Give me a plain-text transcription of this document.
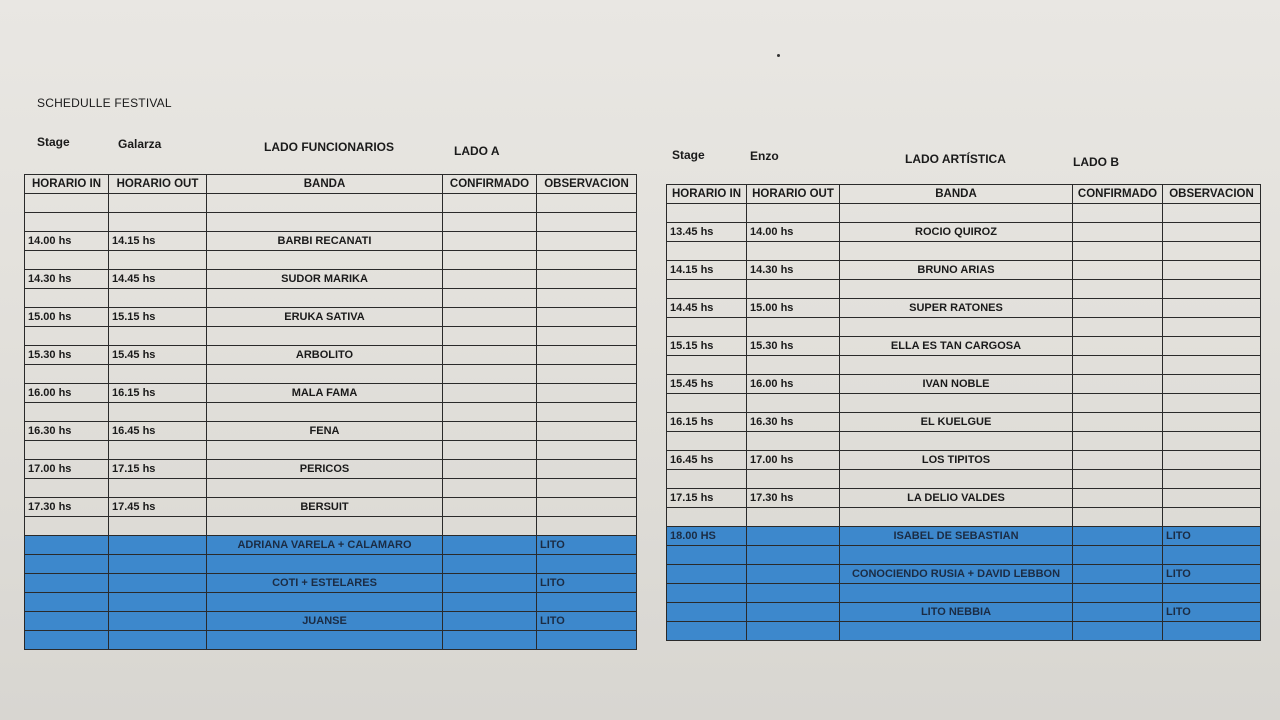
SCHEDULLE FESTIVAL
Stage	Galarza	LADO FUNCIONARIOS	LADO A	Stage	Enzo	LADO ARTÍSTICA	LADO B
HORARIO IN	HORARIO OUT	BANDA	CONFIRMADO	OBSERVACION

14.00 hs	14.15 hs	BARBI RECANATI		

14.30 hs	14.45 hs	SUDOR MARIKA		

15.00 hs	15.15 hs	ERUKA SATIVA		

15.30 hs	15.45 hs	ARBOLITO		

16.00 hs	16.15 hs	MALA FAMA		

16.30 hs	16.45 hs	FENA		

17.00 hs	17.15 hs	PERICOS		

17.30 hs	17.45 hs	BERSUIT		

		ADRIANA VARELA + CALAMARO		LITO

		COTI + ESTELARES		LITO

		JUANSE		LITO

HORARIO IN	HORARIO OUT	BANDA	CONFIRMADO	OBSERVACION

13.45 hs	14.00 hs	ROCIO QUIROZ		

14.15 hs	14.30 hs	BRUNO ARIAS		

14.45 hs	15.00 hs	SUPER RATONES		

15.15 hs	15.30 hs	ELLA ES TAN CARGOSA		

15.45 hs	16.00 hs	IVAN NOBLE		

16.15 hs	16.30 hs	EL KUELGUE		

16.45 hs	17.00 hs	LOS TIPITOS		

17.15 hs	17.30 hs	LA DELIO VALDES		

18.00 HS		ISABEL DE SEBASTIAN		LITO

		CONOCIENDO RUSIA + DAVID LEBBON		LITO

		LITO NEBBIA		LITO
